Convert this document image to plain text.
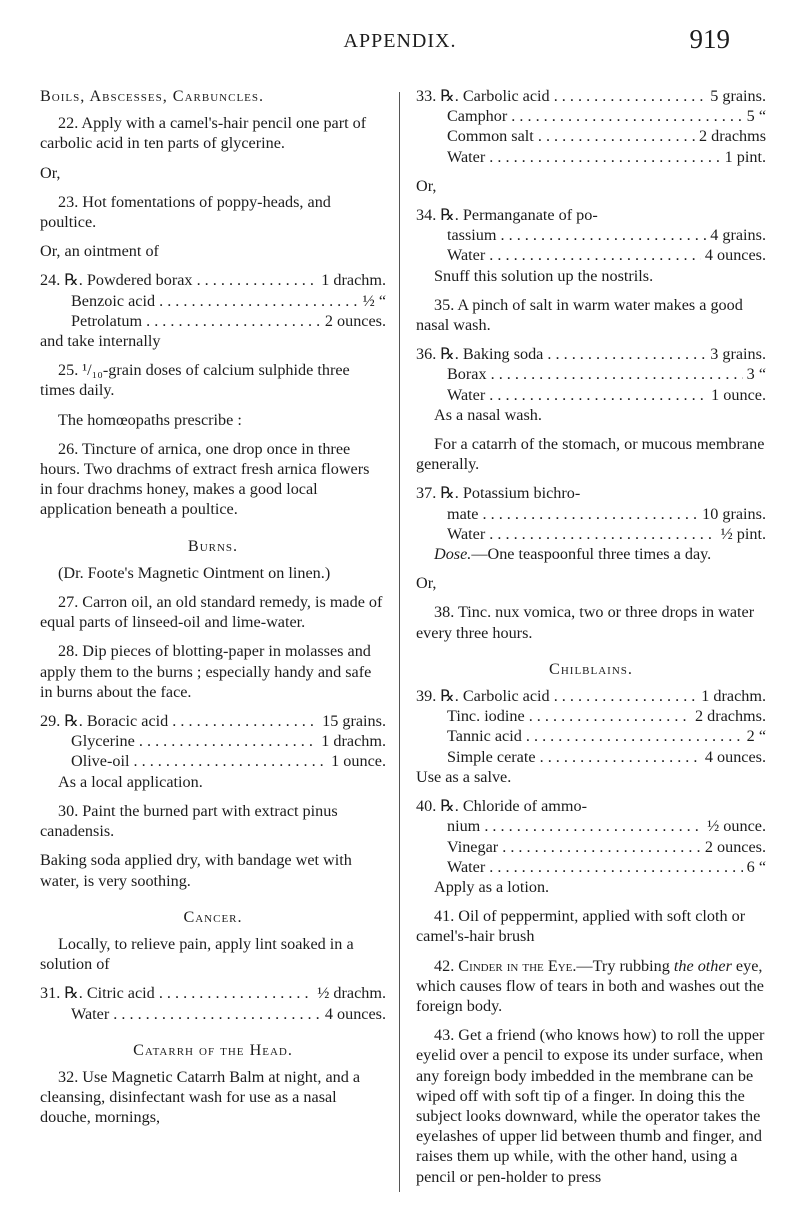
APPENDIX.	919
Boils, Abscesses, Carbuncles.

22. Apply with a camel's-hair pencil one part of carbolic acid in ten parts of glycerine.

Or,

23. Hot fomentations of poppy-heads, and poultice.

Or, an ointment of

24. ℞. Powdered borax . . .	1 drachm.
Benzoic acid . . .	½ “
Petrolatum . . .	2 ounces.
and take internally

25. ¹/₁₀-grain doses of calcium sulphide three times daily.

The homœopaths prescribe :

26. Tincture of arnica, one drop once in three hours. Two drachms of extract fresh arnica flowers in four drachms honey, makes a good local application beneath a poultice.

Burns.

(Dr. Foote's Magnetic Ointment on linen.)

27. Carron oil, an old standard remedy, is made of equal parts of linseed-oil and lime-water.

28. Dip pieces of blotting-paper in molasses and apply them to the burns ; especially handy and safe in burns about the face.

29. ℞. Boracic acid . . .	15 grains.
Glycerine . . .	1 drachm.
Olive-oil . . .	1 ounce.
As a local application.

30. Paint the burned part with extract pinus canadensis.

Baking soda applied dry, with bandage wet with water, is very soothing.

Cancer.

Locally, to relieve pain, apply lint soaked in a solution of

31. ℞. Citric acid . . .	½ drachm.
Water . . .	4 ounces.
Catarrh of the Head.

32. Use Magnetic Catarrh Balm at night, and a cleansing, disinfectant wash for use as a nasal douche, mornings,

33. ℞. Carbolic acid . . .	5 grains.
Camphor . . .	5 “
Common salt . . .	2 drachms
Water . . .	1 pint.

Or,

34. ℞. Permanganate of po-
tassium . . .	4 grains.
Water . . .	4 ounces.
Snuff this solution up the nostrils.

35. A pinch of salt in warm water makes a good nasal wash.

36. ℞. Baking soda . . .	3 grains.
Borax . . .	3 “
Water . . .	1 ounce.
As a nasal wash.

For a catarrh of the stomach, or mucous membrane generally.

37. ℞. Potassium bichro-
mate . . .	10 grains.
Water . . .	½ pint.
Dose.—One teaspoonful three times a day.

Or,

38. Tinc. nux vomica, two or three drops in water every three hours.

Chilblains.
39. ℞. Carbolic acid . . .	1 drachm.
Tinc. iodine . . .	2 drachms.
Tannic acid . . .	2 “
Simple cerate . . .	4 ounces.
Use as a salve.
40. ℞. Chloride of ammo-
nium . . .	½ ounce.
Vinegar . . .	2 ounces.
Water . . .	6 “
Apply as a lotion.

41. Oil of peppermint, applied with soft cloth or camel's-hair brush

42. Cinder in the Eye.—Try rubbing the other eye, which causes flow of tears in both and washes out the foreign body.

43. Get a friend (who knows how) to roll the upper eyelid over a pencil to expose its under surface, when any foreign body imbedded in the membrane can be wiped off with soft tip of a finger. In doing this the subject looks downward, while the operator takes the eyelashes of upper lid between thumb and finger, and raises them up while, with the other hand, using a pencil or pen-holder to press
